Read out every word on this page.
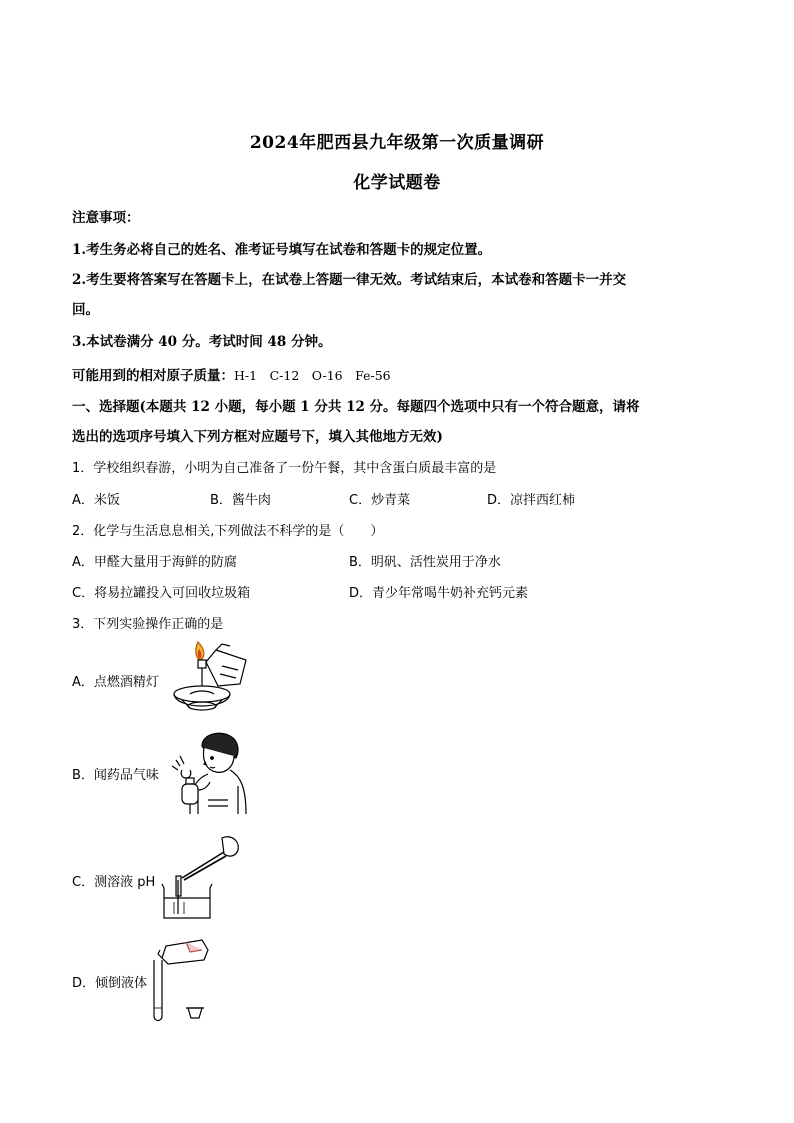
2024年肥西县九年级第一次质量调研
化学试题卷
注意事项：
1.考生务必将自己的姓名、准考证号填写在试卷和答题卡的规定位置。
2.考生要将答案写在答题卡上，在试卷上答题一律无效。考试结束后，本试卷和答题卡一并交
回。
3.本试卷满分 40 分。考试时间 48 分钟。
可能用到的相对原子质量：H-1　C-12　O-16　Fe-56
一、选择题(本题共 12 小题，每小题 1 分共 12 分。每题四个选项中只有一个符合题意，请将
选出的选项序号填入下列方框对应题号下，填入其他地方无效)
1．学校组织春游，小明为自己准备了一份午餐，其中含蛋白质最丰富的是
A．米饭	B．酱牛肉	C．炒青菜	D．凉拌西红柿
2．化学与生活息息相关,下列做法不科学的是（　　）
A．甲醛大量用于海鲜的防腐	B．明矾、活性炭用于净水
C．将易拉罐投入可回收垃圾箱	D．青少年常喝牛奶补充钙元素
3．下列实验操作正确的是
A．点燃酒精灯
B．闻药品气味
C．测溶液 pH
D．倾倒液体
